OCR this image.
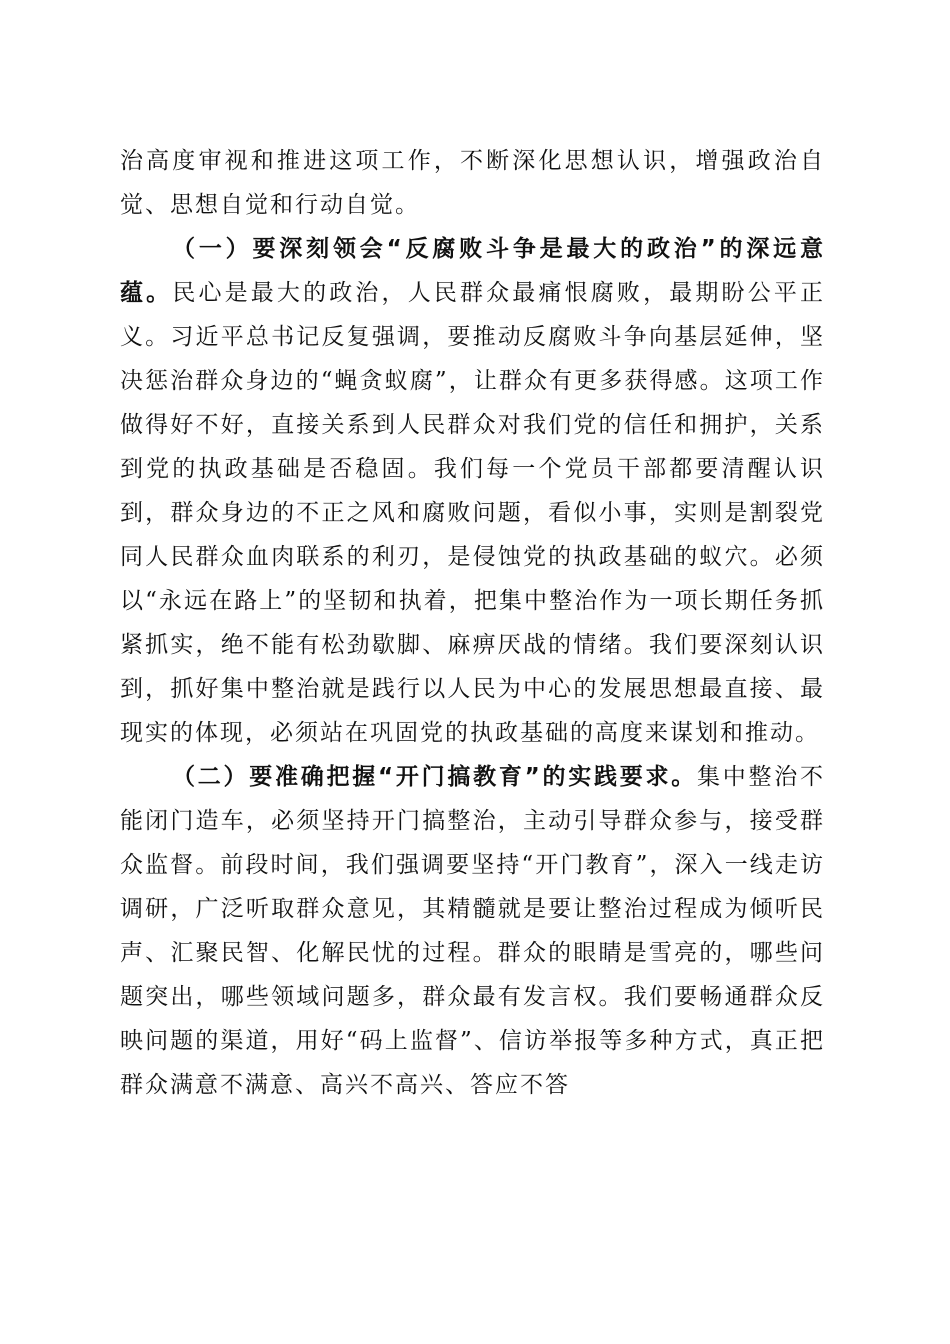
治高度审视和推进这项工作，不断深化思想认识，增强政治自觉、思想自觉和行动自觉。

（一）要深刻领会“反腐败斗争是最大的政治”的深远意蕴。民心是最大的政治，人民群众最痛恨腐败，最期盼公平正义。习近平总书记反复强调，要推动反腐败斗争向基层延伸，坚决惩治群众身边的“蝇贪蚁腐”，让群众有更多获得感。这项工作做得好不好，直接关系到人民群众对我们党的信任和拥护，关系到党的执政基础是否稳固。我们每一个党员干部都要清醒认识到，群众身边的不正之风和腐败问题，看似小事，实则是割裂党同人民群众血肉联系的利刃，是侵蚀党的执政基础的蚁穴。必须以“永远在路上”的坚韧和执着，把集中整治作为一项长期任务抓紧抓实，绝不能有松劲歇脚、麻痹厌战的情绪。我们要深刻认识到，抓好集中整治就是践行以人民为中心的发展思想最直接、最现实的体现，必须站在巩固党的执政基础的高度来谋划和推动。

（二）要准确把握“开门搞教育”的实践要求。集中整治不能闭门造车，必须坚持开门搞整治，主动引导群众参与，接受群众监督。前段时间，我们强调要坚持“开门教育”，深入一线走访调研，广泛听取群众意见，其精髓就是要让整治过程成为倾听民声、汇聚民智、化解民忧的过程。群众的眼睛是雪亮的，哪些问题突出，哪些领域问题多，群众最有发言权。我们要畅通群众反映问题的渠道，用好“码上监督”、信访举报等多种方式，真正把群众满意不满意、高兴不高兴、答应不答
